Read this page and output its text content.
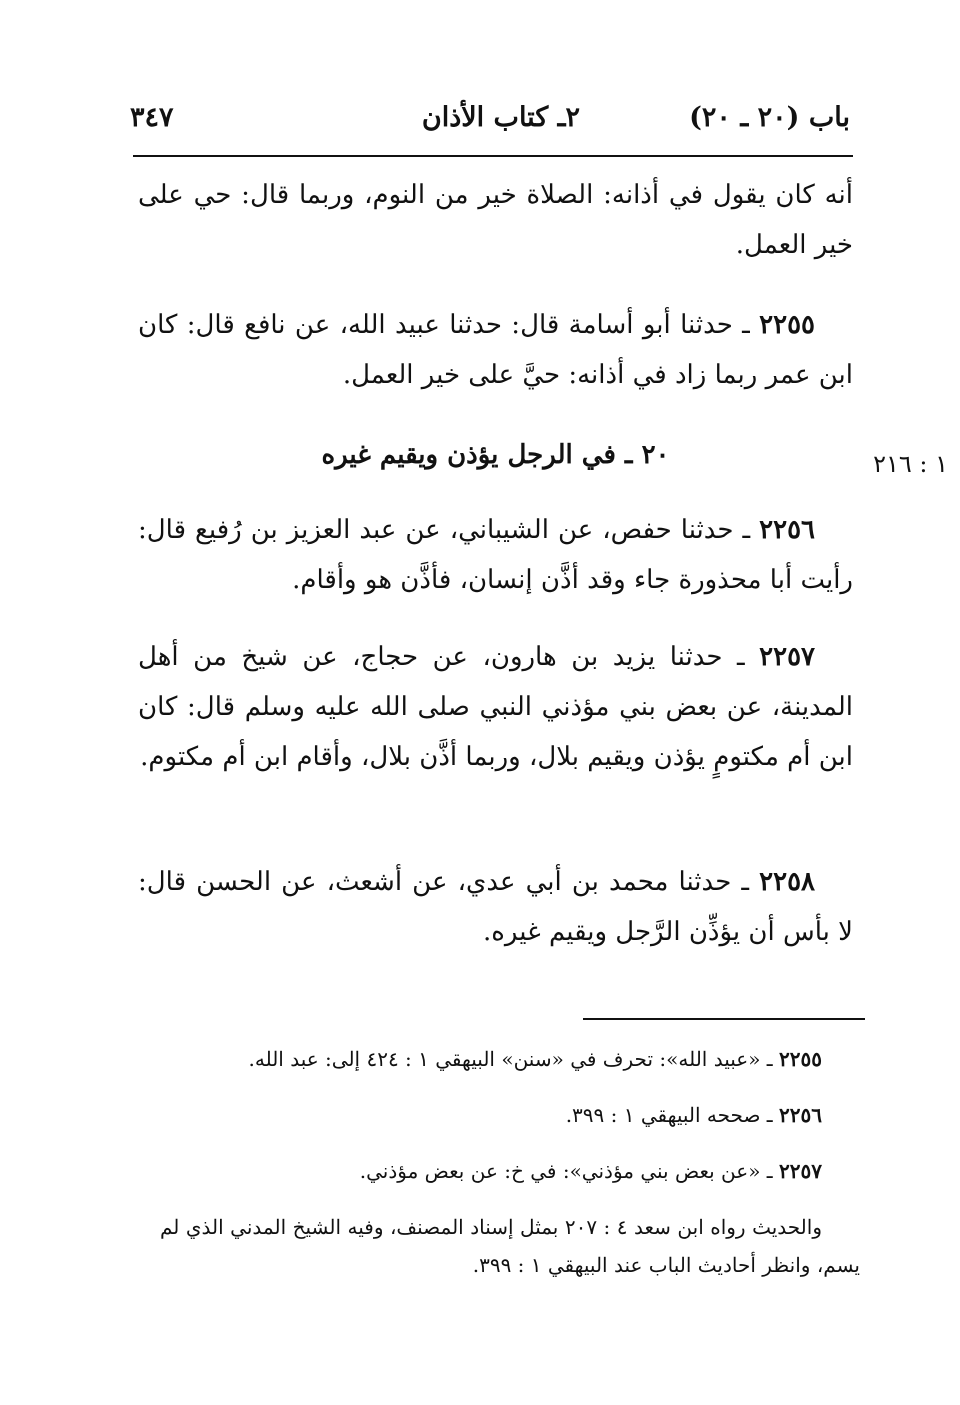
باب (٢٠ ـ ٢٠)
٢ـ كتاب الأذان
٣٤٧

أنه كان يقول في أذانه: الصلاة خير من النوم، وربما قال: حي على خير العمل.

٢٢٥٥ ـ حدثنا أبو أسامة قال: حدثنا عبيد الله، عن نافع قال: كان ابن عمر ربما زاد في أذانه: حيَّ على خير العمل.

٢٠ ـ في الرجل يؤذن ويقيم غيره	١ : ٢١٦

٢٢٥٦ ـ حدثنا حفص، عن الشيباني، عن عبد العزيز بن رُفيع قال: رأيت أبا محذورة جاء وقد أذَّن إنسان، فأذَّن هو وأقام.

٢٢٥٧ ـ حدثنا يزيد بن هارون، عن حجاج، عن شيخ من أهل المدينة، عن بعض بني مؤذني النبي صلى الله عليه وسلم قال: كان ابن أم مكتومٍ يؤذن ويقيم بلال، وربما أذَّن بلال، وأقام ابن أم مكتوم.

٢٢٥٨ ـ حدثنا محمد بن أبي عدي، عن أشعث، عن الحسن قال: لا بأس أن يؤذِّن الرَّجل ويقيم غيره.

٢٢٥٥ ـ «عبيد الله»: تحرف في «سنن» البيهقي ١ : ٤٢٤ إلى: عبد الله.

٢٢٥٦ ـ صححه البيهقي ١ : ٣٩٩.

٢٢٥٧ ـ «عن بعض بني مؤذني»: في خ: عن بعض مؤذني.

والحديث رواه ابن سعد ٤ : ٢٠٧ بمثل إسناد المصنف، وفيه الشيخ المدني الذي لم يسم، وانظر أحاديث الباب عند البيهقي ١ : ٣٩٩.
